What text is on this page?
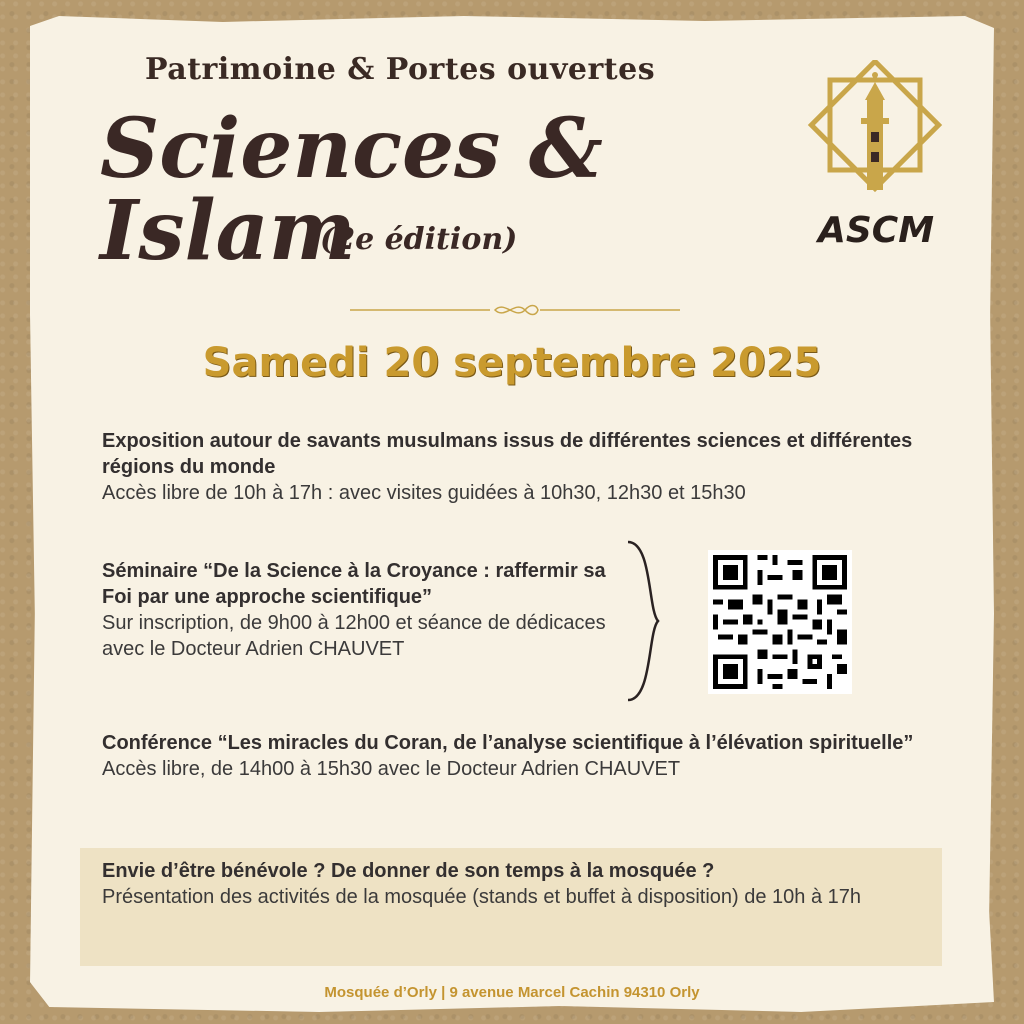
Patrimoine & Portes ouvertes
Sciences & Islam
(2e édition)	ASCM
Samedi 20 septembre 2025
Exposition autour de savants musulmans issus de différentes sciences et différentes régions du monde
Accès libre de 10h à 17h : avec visites guidées à 10h30, 12h30 et 15h30
Séminaire “De la Science à la Croyance : raffermir sa Foi par une approche scientifique”
Sur inscription, de 9h00 à 12h00 et séance de dédicaces avec le Docteur Adrien CHAUVET
Conférence “Les miracles du Coran, de l’analyse scientifique à l’élévation spirituelle”
Accès libre, de 14h00 à 15h30 avec le Docteur Adrien CHAUVET
Envie d’être bénévole ? De donner de son temps à la mosquée ?
Présentation des activités de la mosquée (stands et buffet à disposition) de 10h à 17h
Mosquée d’Orly | 9 avenue Marcel Cachin 94310 Orly
